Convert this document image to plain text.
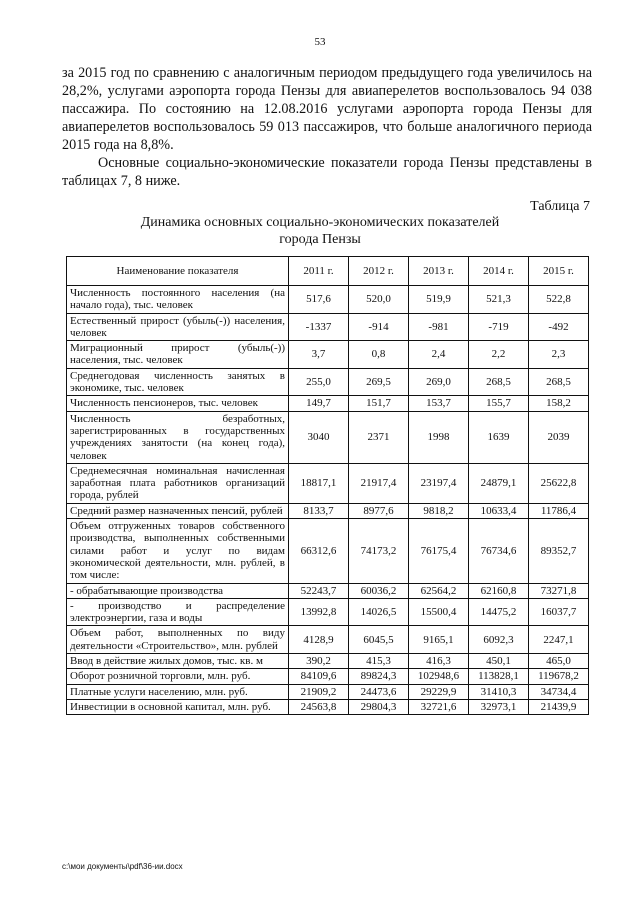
53

за 2015 год по сравнению с аналогичным периодом предыдущего года увеличилось на 28,2%, услугами аэропорта города Пензы для авиаперелетов воспользовалось 94 038 пассажира. По состоянию на 12.08.2016 услугами аэропорта города Пензы для авиаперелетов воспользовалось 59 013 пассажиров, что больше аналогичного периода 2015 года на 8,8%.

Основные социально-экономические показатели города Пензы представлены в таблицах 7, 8 ниже.

Таблица 7
Динамика основных социально-экономических показателей
города Пензы
Наименование показателя	2011 г.	2012 г.	2013 г.	2014 г.	2015 г.
Численность постоянного населения (на начало года), тыс. человек	517,6	520,0	519,9	521,3	522,8
Естественный прирост (убыль(-)) населения, человек	-1337	-914	-981	-719	-492
Миграционный прирост (убыль(-)) населения, тыс. человек	3,7	0,8	2,4	2,2	2,3
Среднегодовая численность занятых в экономике, тыс. человек	255,0	269,5	269,0	268,5	268,5
Численность пенсионеров, тыс. человек	149,7	151,7	153,7	155,7	158,2
Численность безработных, зарегистрированных в государственных учреждениях занятости (на конец года), человек	3040	2371	1998	1639	2039
Среднемесячная номинальная начисленная заработная плата работников организаций города, рублей	18817,1	21917,4	23197,4	24879,1	25622,8
Средний размер назначенных пенсий, рублей	8133,7	8977,6	9818,2	10633,4	11786,4
Объем отгруженных товаров собственного производства, выполненных собственными силами работ и услуг по видам экономической деятельности, млн. рублей, в том числе:	66312,6	74173,2	76175,4	76734,6	89352,7
- обрабатывающие производства	52243,7	60036,2	62564,2	62160,8	73271,8
- производство и распределение электроэнергии, газа и воды	13992,8	14026,5	15500,4	14475,2	16037,7
Объем работ, выполненных по виду деятельности «Строительство», млн. рублей	4128,9	6045,5	9165,1	6092,3	2247,1
Ввод в действие жилых домов, тыс. кв. м	390,2	415,3	416,3	450,1	465,0
Оборот розничной торговли, млн. руб.	84109,6	89824,3	102948,6	113828,1	119678,2
Платные услуги населению, млн. руб.	21909,2	24473,6	29229,9	31410,3	34734,4
Инвестиции в основной капитал, млн. руб.	24563,8	29804,3	32721,6	32973,1	21439,9
c:\мои документы\pdf\36-ии.docx
